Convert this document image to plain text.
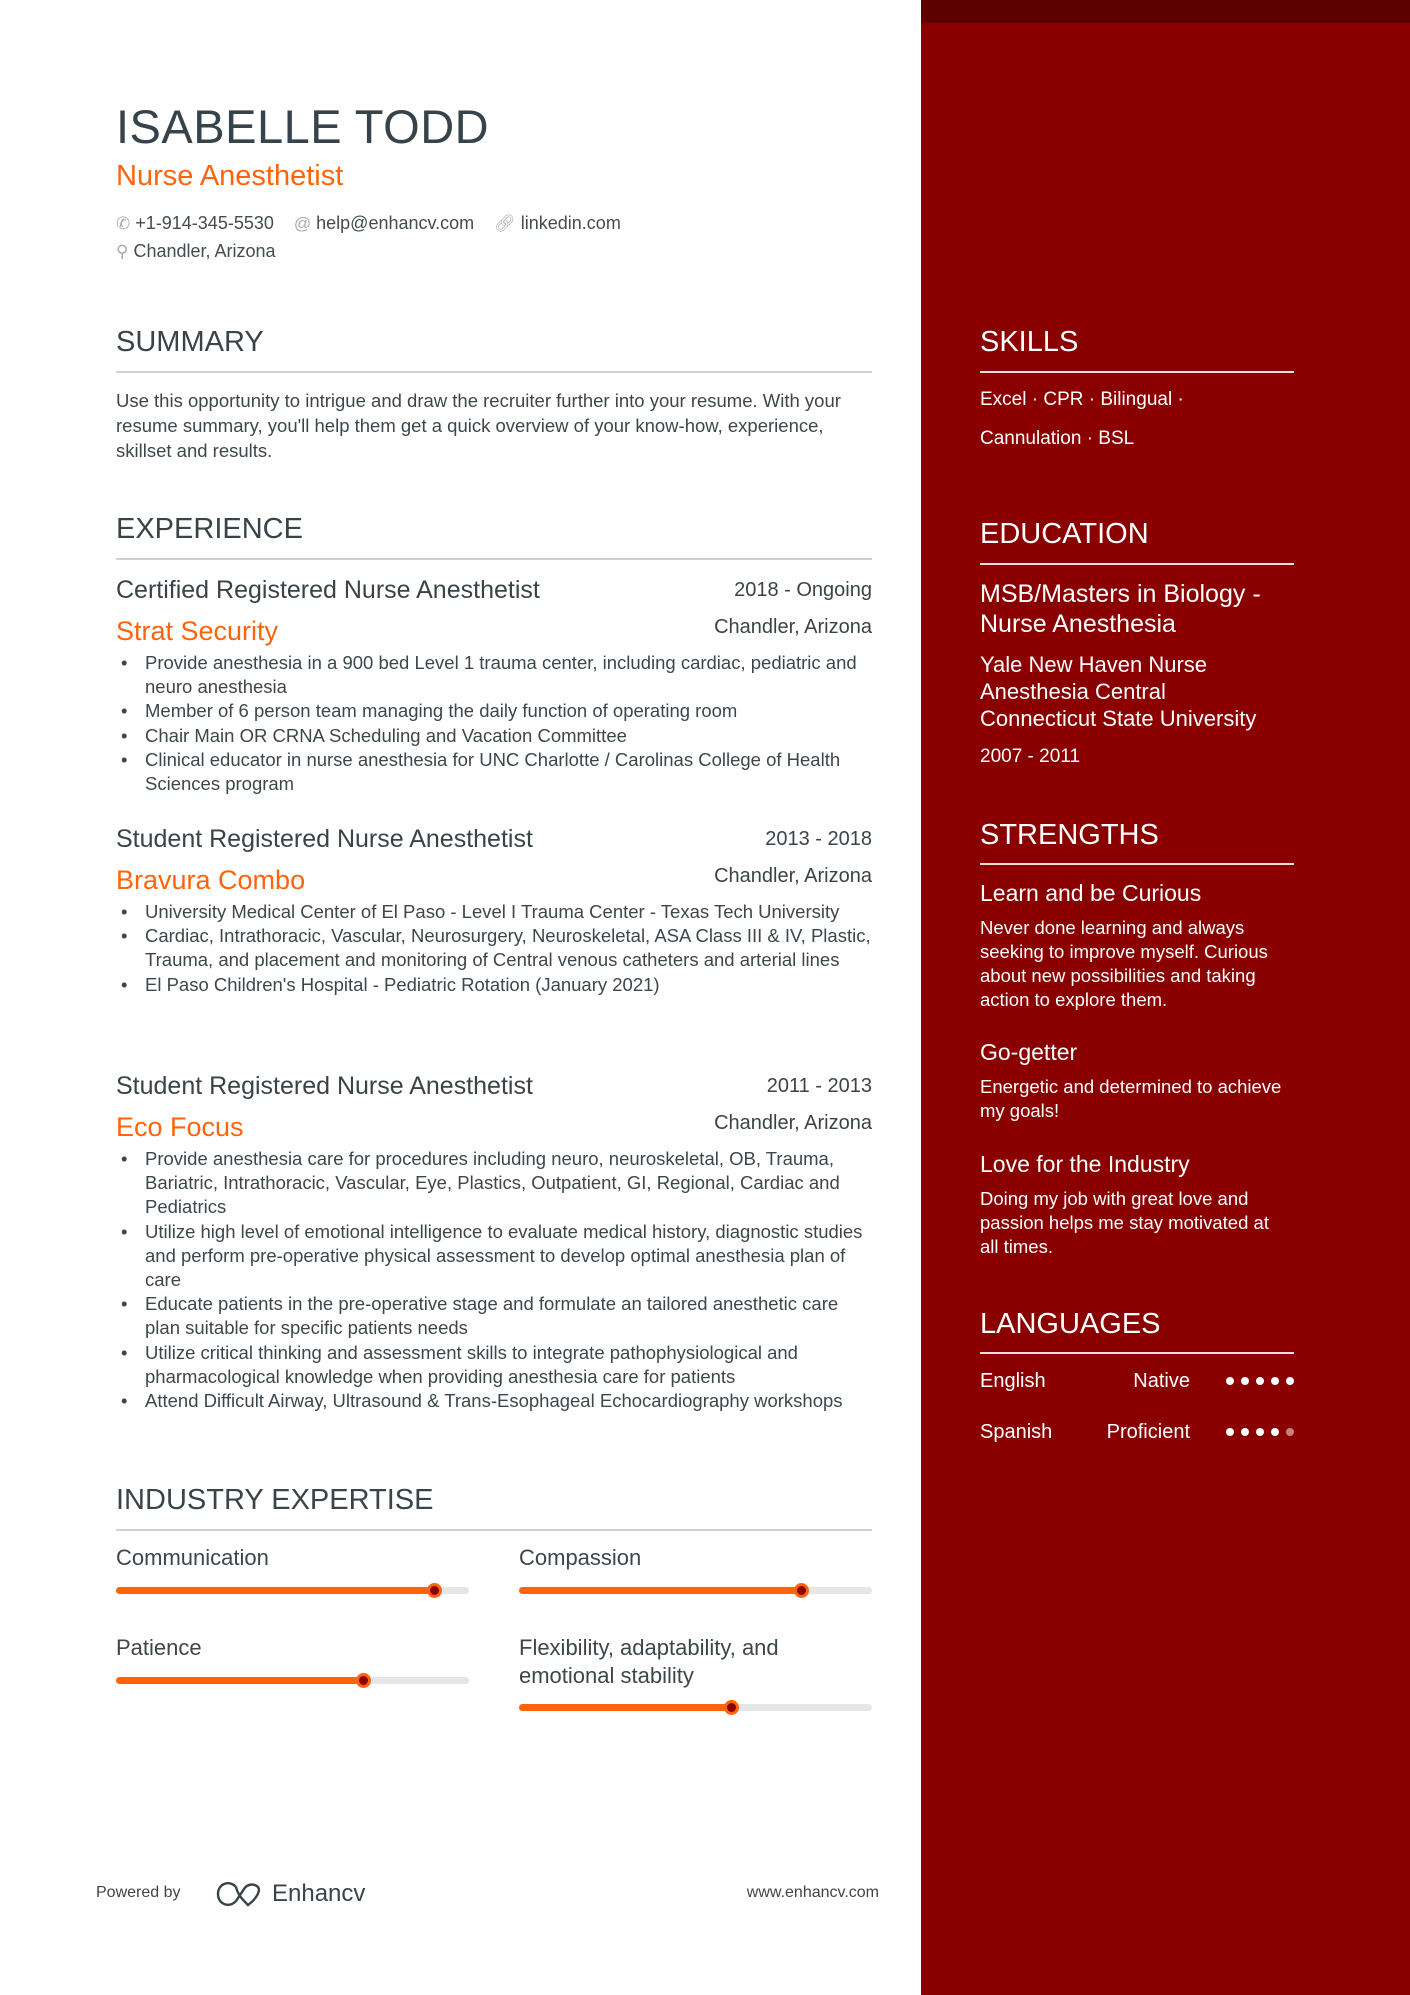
ISABELLE TODD
Nurse Anesthetist
✆ +1-914-345-5530 @ help@enhancv.com 🔗︎ linkedin.com
⚲ Chandler, Arizona
SUMMARY
Use this opportunity to intrigue and draw the recruiter further into your resume. With your resume summary, you'll help them get a quick overview of your know-how, experience, skillset and results.
EXPERIENCE
Certified Registered Nurse Anesthetist	2018 - Ongoing
Strat Security	Chandler, Arizona
• Provide anesthesia in a 900 bed Level 1 trauma center, including cardiac, pediatric and neuro anesthesia
• Member of 6 person team managing the daily function of operating room
• Chair Main OR CRNA Scheduling and Vacation Committee
• Clinical educator in nurse anesthesia for UNC Charlotte / Carolinas College of Health Sciences program
Student Registered Nurse Anesthetist	2013 - 2018
Bravura Combo	Chandler, Arizona
• University Medical Center of El Paso - Level I Trauma Center - Texas Tech University
• Cardiac, Intrathoracic, Vascular, Neurosurgery, Neuroskeletal, ASA Class III & IV, Plastic, Trauma, and placement and monitoring of Central venous catheters and arterial lines
• El Paso Children's Hospital - Pediatric Rotation (January 2021)
Student Registered Nurse Anesthetist	2011 - 2013
Eco Focus	Chandler, Arizona
• Provide anesthesia care for procedures including neuro, neuroskeletal, OB, Trauma, Bariatric, Intrathoracic, Vascular, Eye, Plastics, Outpatient, GI, Regional, Cardiac and Pediatrics
• Utilize high level of emotional intelligence to evaluate medical history, diagnostic studies and perform pre-operative physical assessment to develop optimal anesthesia plan of care
• Educate patients in the pre-operative stage and formulate an tailored anesthetic care plan suitable for specific patients needs
• Utilize critical thinking and assessment skills to integrate pathophysiological and pharmacological knowledge when providing anesthesia care for patients
• Attend Difficult Airway, Ultrasound & Trans-Esophageal Echocardiography workshops
INDUSTRY EXPERTISE
Communication	Compassion
Patience	Flexibility, adaptability, and emotional stability
Powered by	Enhancv	www.enhancv.com
SKILLS
Excel · CPR · Bilingual ·
Cannulation · BSL
EDUCATION
MSB/Masters in Biology - Nurse Anesthesia
Yale New Haven Nurse Anesthesia Central Connecticut State University
2007 - 2011
STRENGTHS
Learn and be Curious
Never done learning and always seeking to improve myself. Curious about new possibilities and taking action to explore them.
Go-getter
Energetic and determined to achieve my goals!
Love for the Industry
Doing my job with great love and passion helps me stay motivated at all times.
LANGUAGES
English	Native
Spanish	Proficient
